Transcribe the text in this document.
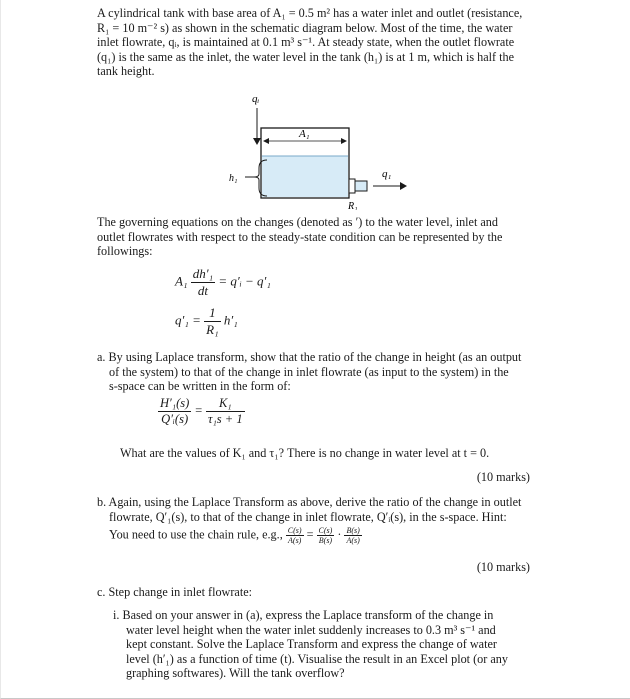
A cylindrical tank with base area of A₁ = 0.5 m² has a water inlet and outlet (resistance,
R₁ = 10 m⁻² s) as shown in the schematic diagram below. Most of the time, the water
inlet flowrate, qᵢ, is maintained at 0.1 m³ s⁻¹. At steady state, when the outlet flowrate
(q₁) is the same as the inlet, the water level in the tank (h₁) is at 1 m, which is half the
tank height.
qᵢ
A₁
h₁
R₁
q₁
The governing equations on the changes (denoted as ′) to the water level, inlet and
outlet flowrates with respect to the steady-state condition can be represented by the
followings:
$A_1 \frac{\text{dh′₁}}{dt}$ = q′ᵢ − q′₁
$q'_1 = \frac{1}{\text{R₁}} h'_1$
a. By using Laplace transform, show that the ratio of the change in height (as an output
of the system) to that of the change in inlet flowrate (as input to the system) in the
s-space can be written in the form of:
$\frac{\text{H′₁(s)}}{\text{Q′ᵢ(s)}} = \frac{\text{K₁}}{\text{τ₁s + 1}}$
What are the values of K₁ and τ₁? There is no change in water level at t = 0.
(10 marks)
b. Again, using the Laplace Transform as above, derive the ratio of the change in outlet
flowrate, Q′₁(s), to that of the change in inlet flowrate, Q′ᵢ(s), in the s-space. Hint:
You need to use the chain rule, e.g., $\frac{C(s)}{A(s)} = \frac{C(s)}{B(s)} \cdot \frac{B(s)}{A(s)}$
(10 marks)
c. Step change in inlet flowrate:
i. Based on your answer in (a), express the Laplace transform of the change in
water level height when the water inlet suddenly increases to 0.3 m³ s⁻¹ and
kept constant. Solve the Laplace Transform and express the change of water
level (h′₁) as a function of time (t). Visualise the result in an Excel plot (or any
graphing softwares). Will the tank overflow?
